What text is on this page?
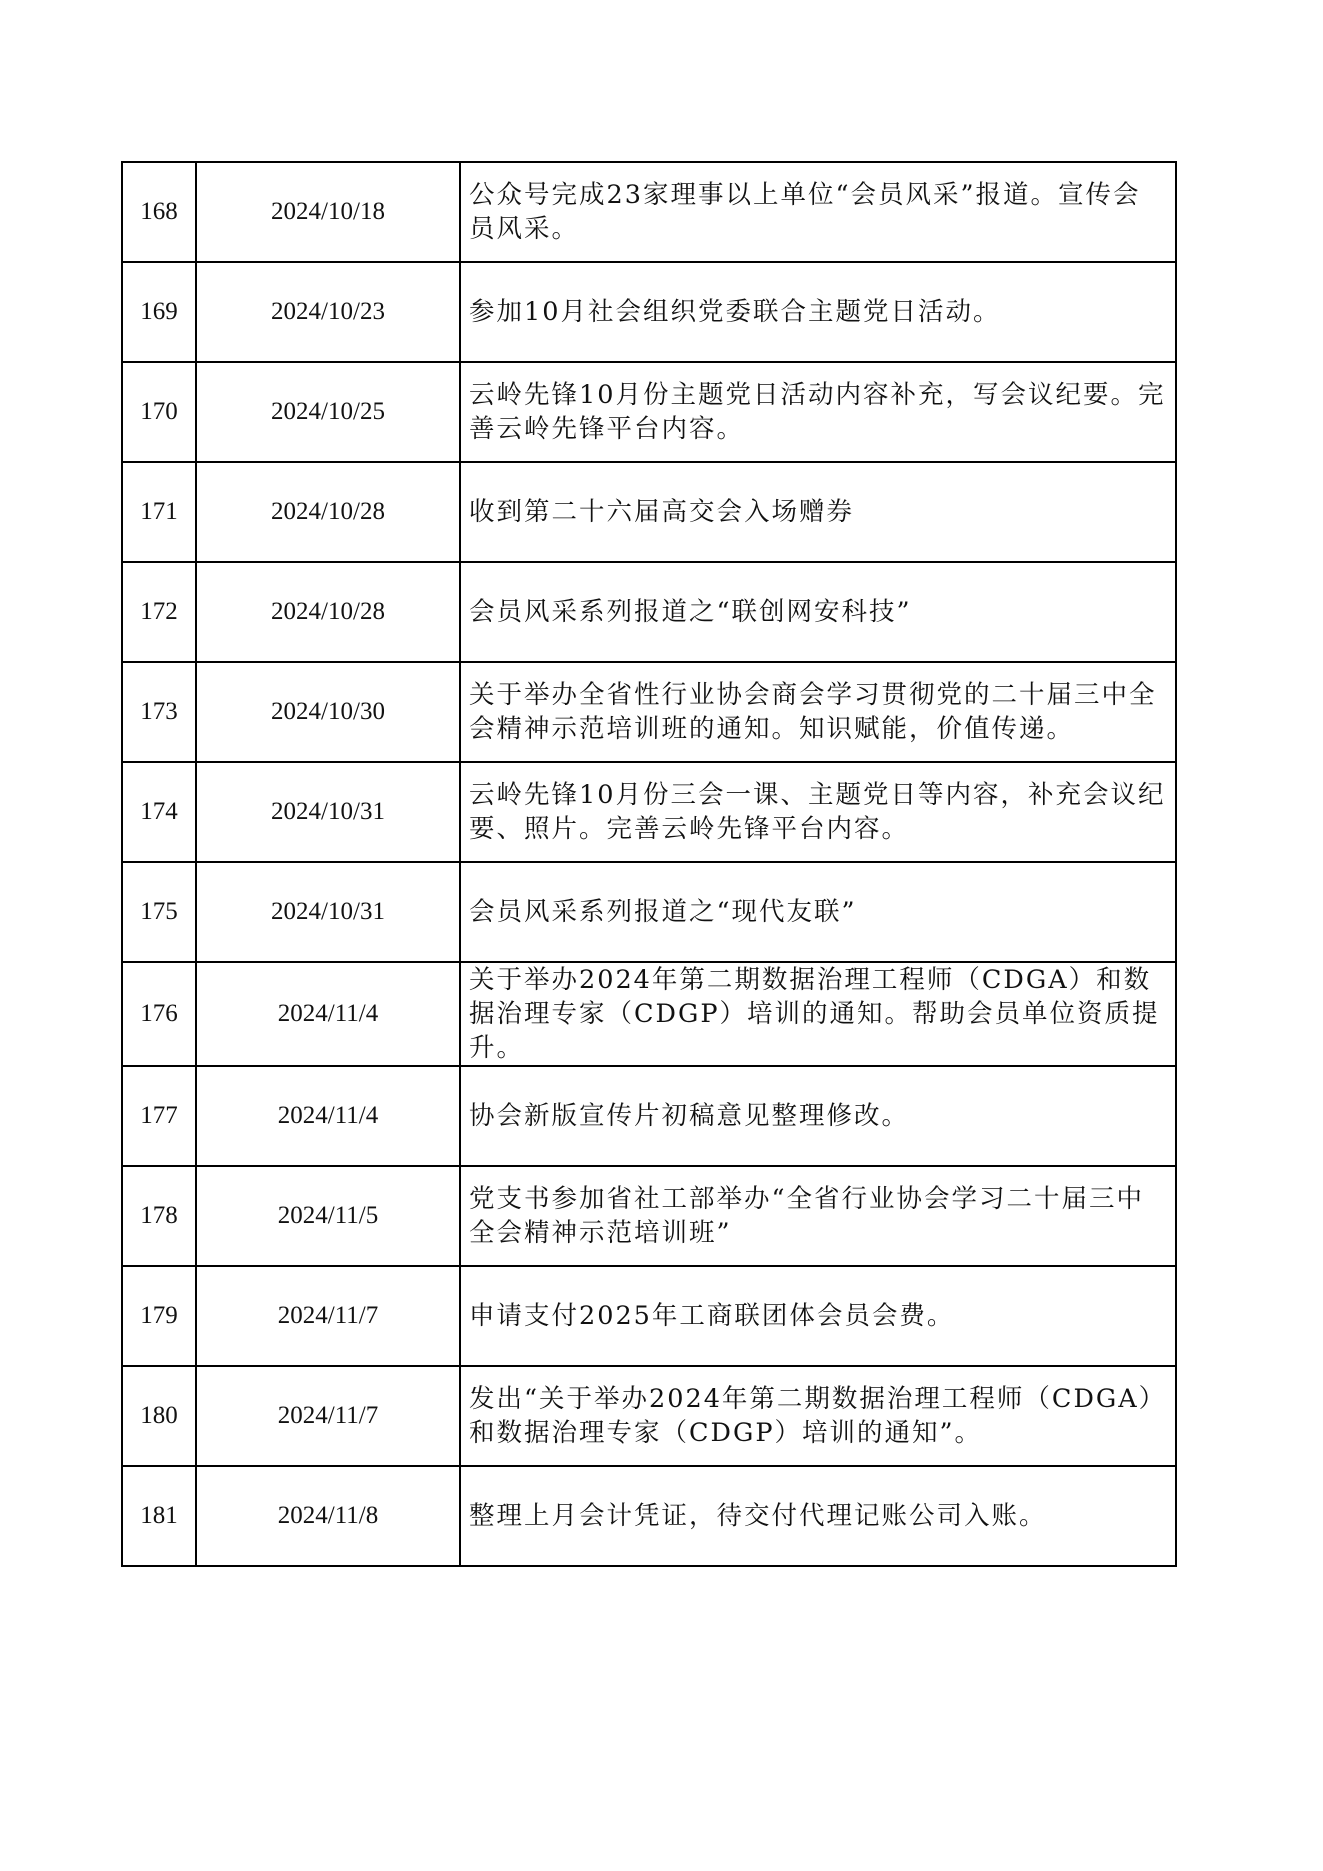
168	2024/10/18	公众号完成23家理事以上单位“会员风采”报道。宣传会员风采。
169	2024/10/23	参加10月社会组织党委联合主题党日活动。
170	2024/10/25	云岭先锋10月份主题党日活动内容补充，写会议纪要。完善云岭先锋平台内容。
171	2024/10/28	收到第二十六届高交会入场赠券
172	2024/10/28	会员风采系列报道之“联创网安科技”
173	2024/10/30	关于举办全省性行业协会商会学习贯彻党的二十届三中全会精神示范培训班的通知。知识赋能，价值传递。
174	2024/10/31	云岭先锋10月份三会一课、主题党日等内容，补充会议纪要、照片。完善云岭先锋平台内容。
175	2024/10/31	会员风采系列报道之“现代友联”
176	2024/11/4	关于举办2024年第二期数据治理工程师（CDGA）和数据治理专家（CDGP）培训的通知。帮助会员单位资质提升。
177	2024/11/4	协会新版宣传片初稿意见整理修改。
178	2024/11/5	党支书参加省社工部举办“全省行业协会学习二十届三中全会精神示范培训班”
179	2024/11/7	申请支付2025年工商联团体会员会费。
180	2024/11/7	发出“关于举办2024年第二期数据治理工程师（CDGA）和数据治理专家（CDGP）培训的通知”。
181	2024/11/8	整理上月会计凭证，待交付代理记账公司入账。
